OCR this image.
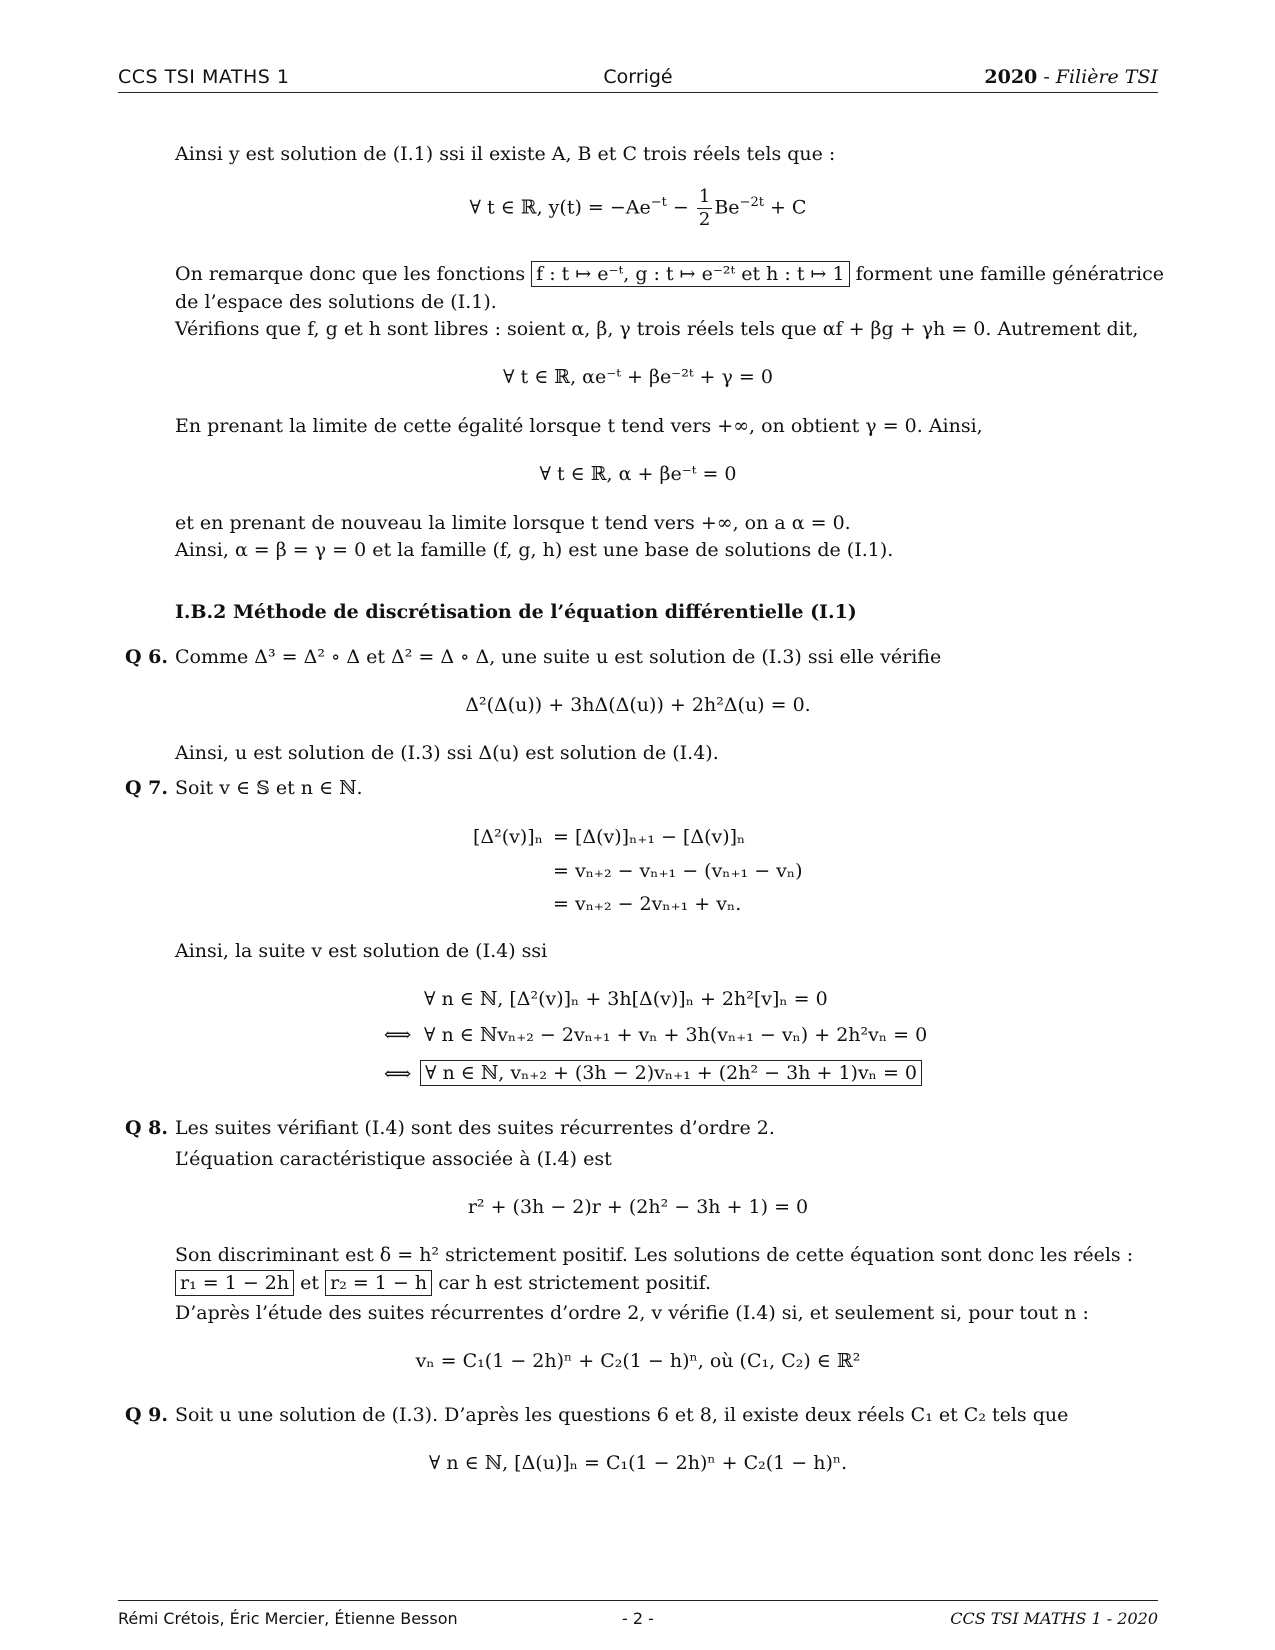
CCS TSI MATHS 1	Corrigé	2020 - Filière TSI
Ainsi y est solution de (I.1) ssi il existe A, B et C trois réels tels que :
∀ t ∈ ℝ, $y(t) = -Ae^{-t} - \frac{1}{2} Be^{-2t} + C$
On remarque donc que les fonctions f : t ↦ e⁻ᵗ, g : t ↦ e⁻²ᵗ et h : t ↦ 1 forment une famille génératrice
de l’espace des solutions de (I.1).
Vérifions que f, g et h sont libres : soient α, β, γ trois réels tels que αf + βg + γh = 0. Autrement dit,
∀ t ∈ ℝ, αe⁻ᵗ + βe⁻²ᵗ + γ = 0
En prenant la limite de cette égalité lorsque t tend vers +∞, on obtient γ = 0. Ainsi,
∀ t ∈ ℝ, α + βe⁻ᵗ = 0
et en prenant de nouveau la limite lorsque t tend vers +∞, on a α = 0.
Ainsi, α = β = γ = 0 et la famille (f, g, h) est une base de solutions de (I.1).
I.B.2 Méthode de discrétisation de l’équation différentielle (I.1)
Q 6. Comme Δ³ = Δ² ∘ Δ et Δ² = Δ ∘ Δ, une suite u est solution de (I.3) ssi elle vérifie
Δ²(Δ(u)) + 3hΔ(Δ(u)) + 2h²Δ(u) = 0.
Ainsi, u est solution de (I.3) ssi Δ(u) est solution de (I.4).
Q 7. Soit v ∈ 𝕊 et n ∈ ℕ.
[Δ²(v)]ₙ = [Δ(v)]ₙ₊₁ − [Δ(v)]ₙ
= vₙ₊₂ − vₙ₊₁ − (vₙ₊₁ − vₙ)
= vₙ₊₂ − 2vₙ₊₁ + vₙ.
Ainsi, la suite v est solution de (I.4) ssi
∀ n ∈ ℕ, [Δ²(v)]ₙ + 3h[Δ(v)]ₙ + 2h²[v]ₙ = 0
⟺ ∀ n ∈ ℕvₙ₊₂ − 2vₙ₊₁ + vₙ + 3h(vₙ₊₁ − vₙ) + 2h²vₙ = 0
⟺ ∀ n ∈ ℕ, vₙ₊₂ + (3h − 2)vₙ₊₁ + (2h² − 3h + 1)vₙ = 0
Q 8. Les suites vérifiant (I.4) sont des suites récurrentes d’ordre 2.
L’équation caractéristique associée à (I.4) est
r² + (3h − 2)r + (2h² − 3h + 1) = 0
Son discriminant est δ = h² strictement positif. Les solutions de cette équation sont donc les réels :
r₁ = 1 − 2h et r₂ = 1 − h car h est strictement positif.
D’après l’étude des suites récurrentes d’ordre 2, v vérifie (I.4) si, et seulement si, pour tout n :
vₙ = C₁(1 − 2h)ⁿ + C₂(1 − h)ⁿ, où (C₁, C₂) ∈ ℝ²
Q 9. Soit u une solution de (I.3). D’après les questions 6 et 8, il existe deux réels C₁ et C₂ tels que
∀ n ∈ ℕ, [Δ(u)]ₙ = C₁(1 − 2h)ⁿ + C₂(1 − h)ⁿ.
Rémi Crétois, Éric Mercier, Étienne Besson	- 2 -	CCS TSI MATHS 1 - 2020
